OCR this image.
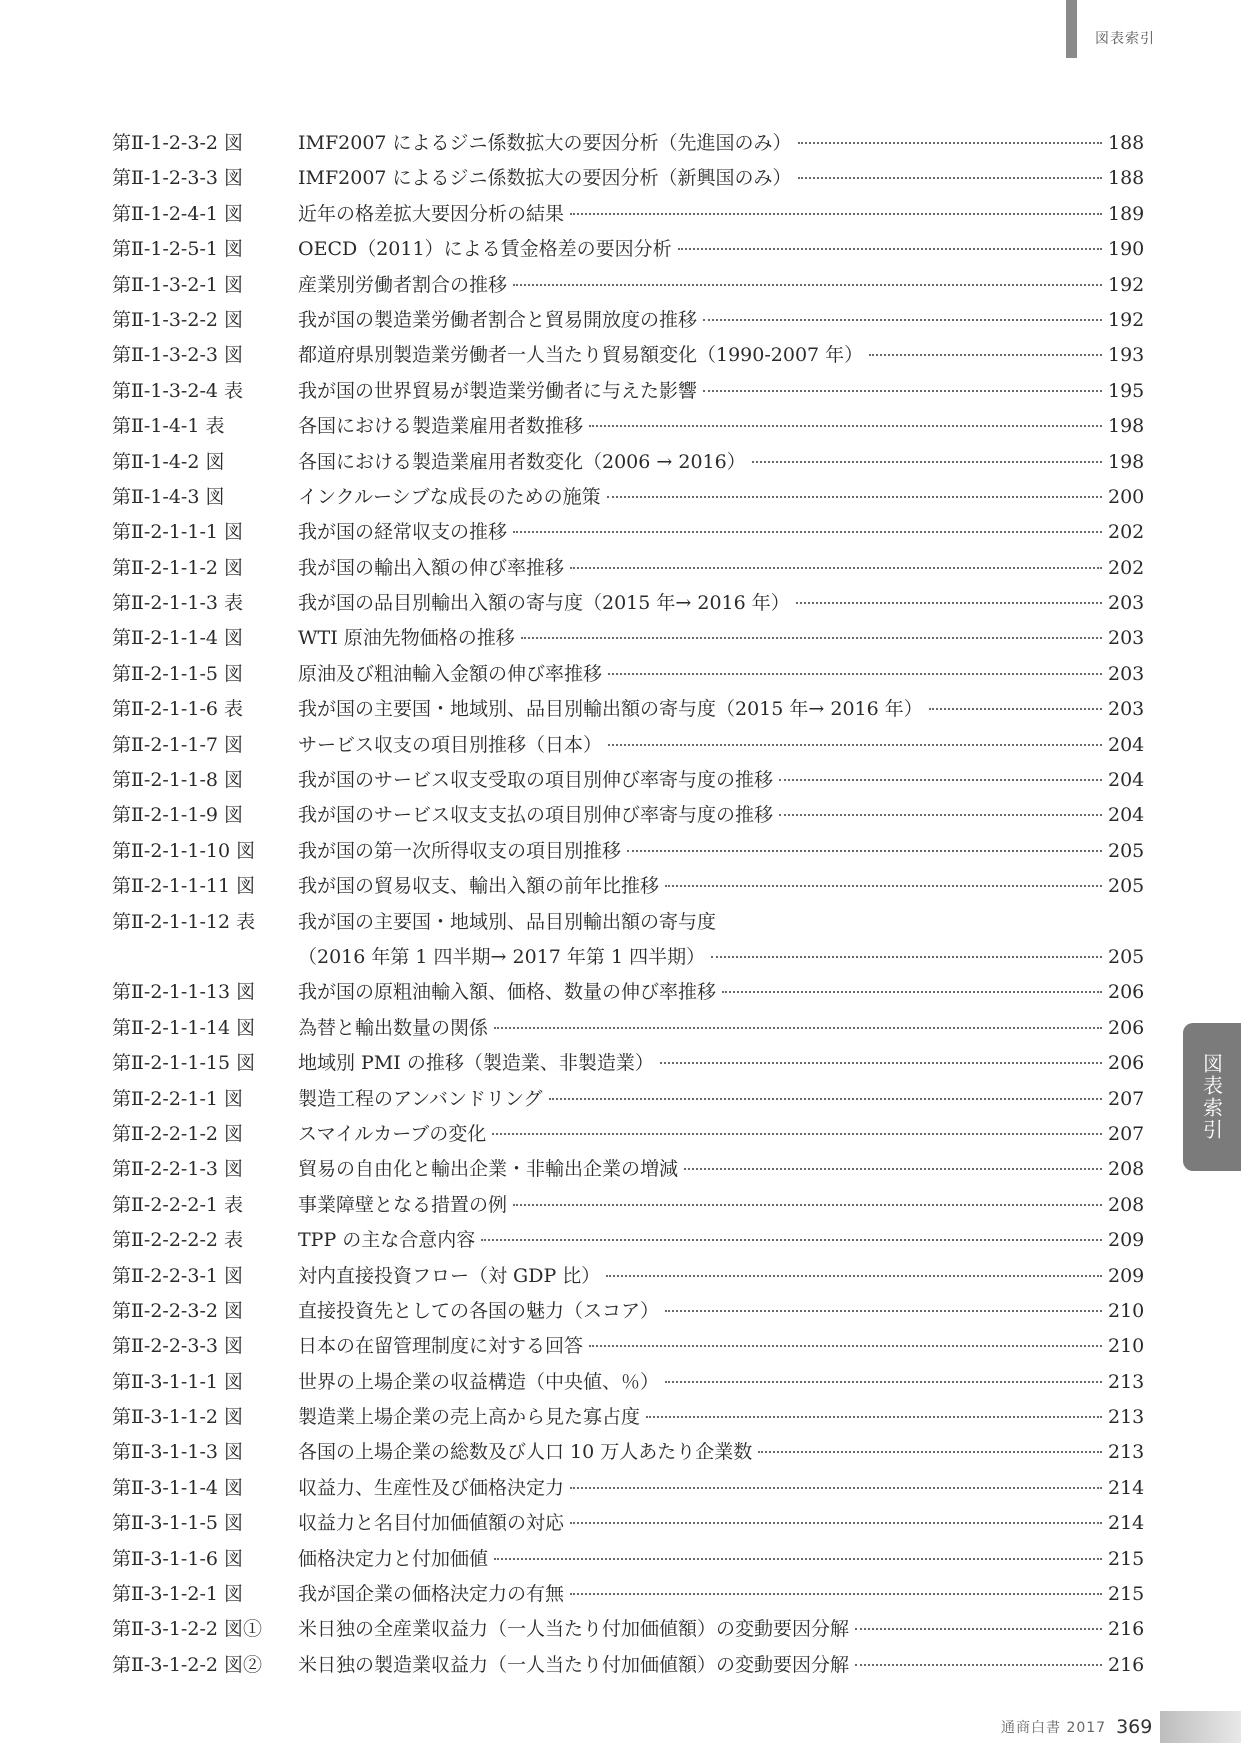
図表索引
第Ⅱ-1-2-3-2 図	IMF2007 によるジニ係数拡大の要因分析（先進国のみ）	188
第Ⅱ-1-2-3-3 図	IMF2007 によるジニ係数拡大の要因分析（新興国のみ）	188
第Ⅱ-1-2-4-1 図	近年の格差拡大要因分析の結果	189
第Ⅱ-1-2-5-1 図	OECD（2011）による賃金格差の要因分析	190
第Ⅱ-1-3-2-1 図	産業別労働者割合の推移	192
第Ⅱ-1-3-2-2 図	我が国の製造業労働者割合と貿易開放度の推移	192
第Ⅱ-1-3-2-3 図	都道府県別製造業労働者一人当たり貿易額変化（1990-2007 年）	193
第Ⅱ-1-3-2-4 表	我が国の世界貿易が製造業労働者に与えた影響	195
第Ⅱ-1-4-1 表	各国における製造業雇用者数推移	198
第Ⅱ-1-4-2 図	各国における製造業雇用者数変化（2006 → 2016）	198
第Ⅱ-1-4-3 図	インクルーシブな成長のための施策	200
第Ⅱ-2-1-1-1 図	我が国の経常収支の推移	202
第Ⅱ-2-1-1-2 図	我が国の輸出入額の伸び率推移	202
第Ⅱ-2-1-1-3 表	我が国の品目別輸出入額の寄与度（2015 年→ 2016 年）	203
第Ⅱ-2-1-1-4 図	WTI 原油先物価格の推移	203
第Ⅱ-2-1-1-5 図	原油及び粗油輸入金額の伸び率推移	203
第Ⅱ-2-1-1-6 表	我が国の主要国・地域別、品目別輸出額の寄与度（2015 年→ 2016 年）	203
第Ⅱ-2-1-1-7 図	サービス収支の項目別推移（日本）	204
第Ⅱ-2-1-1-8 図	我が国のサービス収支受取の項目別伸び率寄与度の推移	204
第Ⅱ-2-1-1-9 図	我が国のサービス収支支払の項目別伸び率寄与度の推移	204
第Ⅱ-2-1-1-10 図	我が国の第一次所得収支の項目別推移	205
第Ⅱ-2-1-1-11 図	我が国の貿易収支、輸出入額の前年比推移	205
第Ⅱ-2-1-1-12 表	我が国の主要国・地域別、品目別輸出額の寄与度
（2016 年第 1 四半期→ 2017 年第 1 四半期）	205
第Ⅱ-2-1-1-13 図	我が国の原粗油輸入額、価格、数量の伸び率推移	206
第Ⅱ-2-1-1-14 図	為替と輸出数量の関係	206
第Ⅱ-2-1-1-15 図	地域別 PMI の推移（製造業、非製造業）	206
第Ⅱ-2-2-1-1 図	製造工程のアンバンドリング	207
第Ⅱ-2-2-1-2 図	スマイルカーブの変化	207
第Ⅱ-2-2-1-3 図	貿易の自由化と輸出企業・非輸出企業の増減	208
第Ⅱ-2-2-2-1 表	事業障壁となる措置の例	208
第Ⅱ-2-2-2-2 表	TPP の主な合意内容	209
第Ⅱ-2-2-3-1 図	対内直接投資フロー（対 GDP 比）	209
第Ⅱ-2-2-3-2 図	直接投資先としての各国の魅力（スコア）	210
第Ⅱ-2-2-3-3 図	日本の在留管理制度に対する回答	210
第Ⅱ-3-1-1-1 図	世界の上場企業の収益構造（中央値、％）	213
第Ⅱ-3-1-1-2 図	製造業上場企業の売上高から見た寡占度	213
第Ⅱ-3-1-1-3 図	各国の上場企業の総数及び人口 10 万人あたり企業数	213
第Ⅱ-3-1-1-4 図	収益力、生産性及び価格決定力	214
第Ⅱ-3-1-1-5 図	収益力と名目付加価値額の対応	214
第Ⅱ-3-1-1-6 図	価格決定力と付加価値	215
第Ⅱ-3-1-2-1 図	我が国企業の価格決定力の有無	215
第Ⅱ-3-1-2-2 図①	米日独の全産業収益力（一人当たり付加価値額）の変動要因分解	216
第Ⅱ-3-1-2-2 図②	米日独の製造業収益力（一人当たり付加価値額）の変動要因分解	216
図表索引
通商白書 2017 369
